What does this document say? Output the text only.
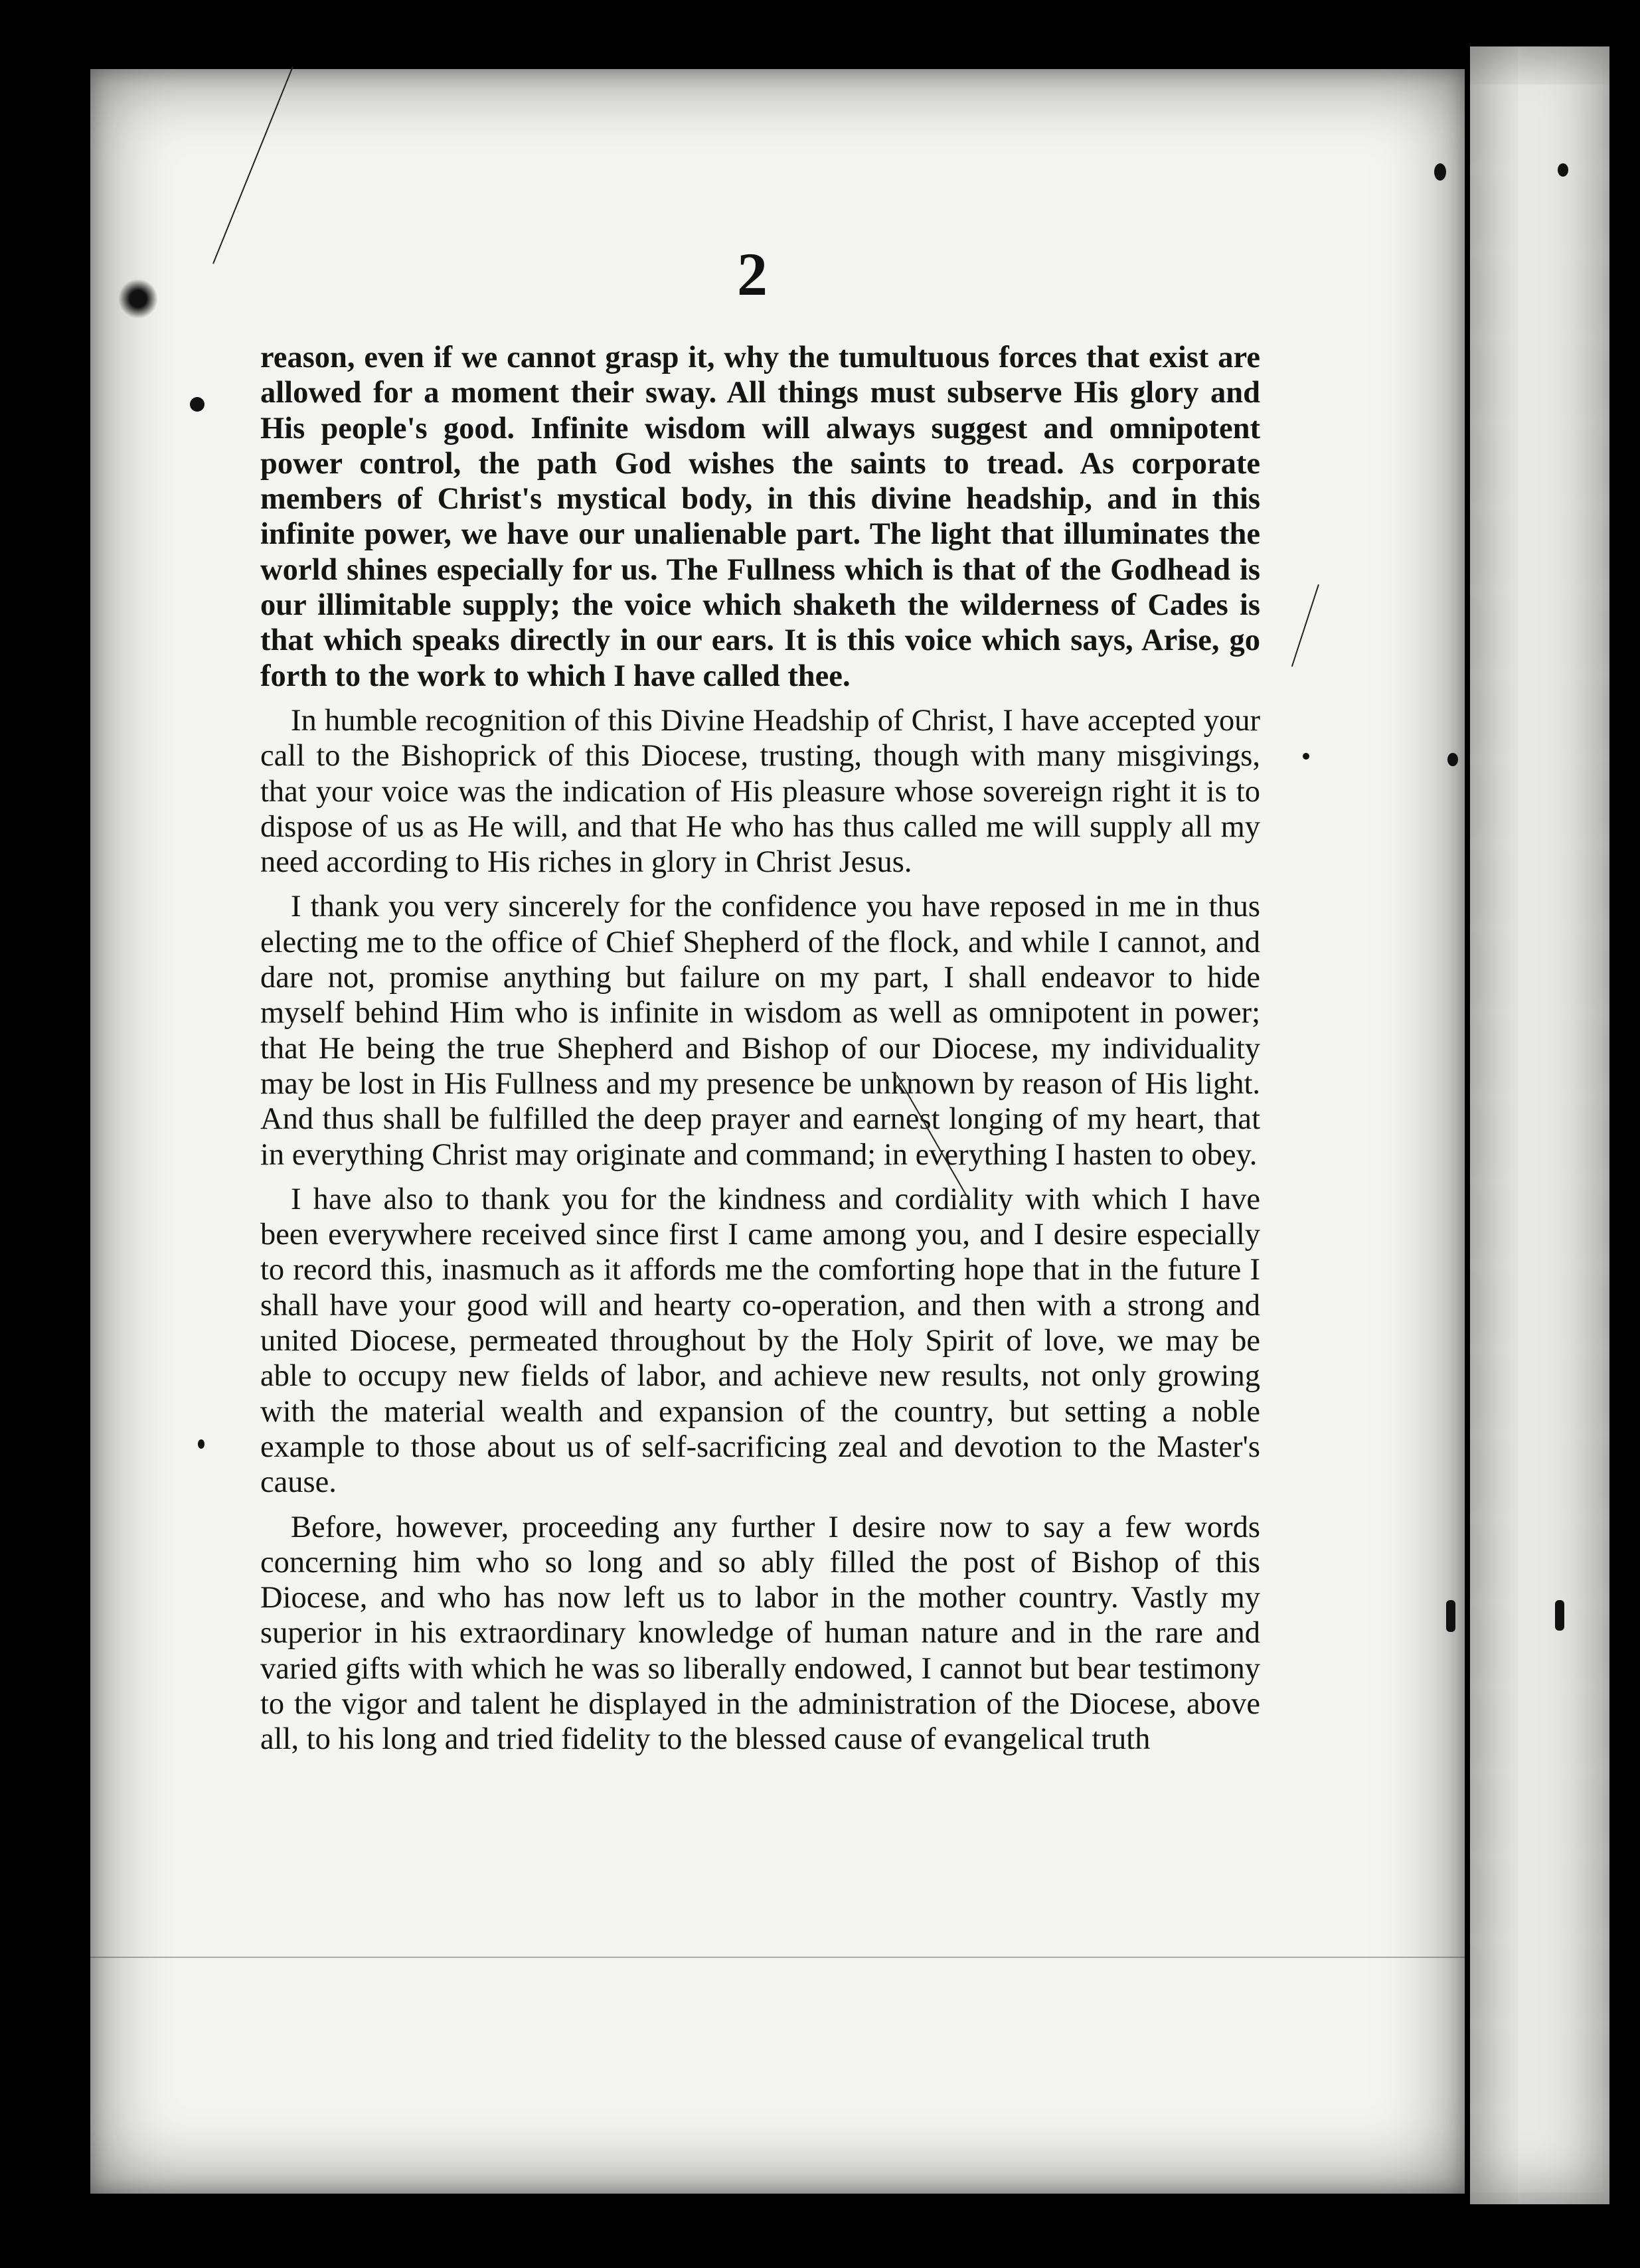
2

reason, even if we cannot grasp it, why the tumultuous forces that exist are allowed for a moment their sway. All things must subserve His glory and His people's good. Infinite wisdom will always suggest and omnipotent power control, the path God wishes the saints to tread. As corporate members of Christ's mystical body, in this divine headship, and in this infinite power, we have our unalienable part. The light that illuminates the world shines especially for us. The Fullness which is that of the Godhead is our illimitable supply; the voice which shaketh the wilderness of Cades is that which speaks directly in our ears. It is this voice which says, Arise, go forth to the work to which I have called thee.

In humble recognition of this Divine Headship of Christ, I have accepted your call to the Bishoprick of this Diocese, trusting, though with many misgivings, that your voice was the indication of His pleasure whose sovereign right it is to dispose of us as He will, and that He who has thus called me will supply all my need according to His riches in glory in Christ Jesus.

I thank you very sincerely for the confidence you have reposed in me in thus electing me to the office of Chief Shepherd of the flock, and while I cannot, and dare not, promise anything but failure on my part, I shall endeavor to hide myself behind Him who is infinite in wisdom as well as omnipotent in power; that He being the true Shepherd and Bishop of our Diocese, my individuality may be lost in His Fullness and my presence be unknown by reason of His light. And thus shall be fulfilled the deep prayer and earnest longing of my heart, that in everything Christ may originate and command; in everything I hasten to obey.

I have also to thank you for the kindness and cordiality with which I have been everywhere received since first I came among you, and I desire especially to record this, inasmuch as it affords me the comforting hope that in the future I shall have your good will and hearty co-operation, and then with a strong and united Diocese, permeated throughout by the Holy Spirit of love, we may be able to occupy new fields of labor, and achieve new results, not only growing with the material wealth and expansion of the country, but setting a noble example to those about us of self-sacrificing zeal and devotion to the Master's cause.

Before, however, proceeding any further I desire now to say a few words concerning him who so long and so ably filled the post of Bishop of this Diocese, and who has now left us to labor in the mother country. Vastly my superior in his extraordinary knowledge of human nature and in the rare and varied gifts with which he was so liberally endowed, I cannot but bear testimony to the vigor and talent he displayed in the administration of the Diocese, above all, to his long and tried fidelity to the blessed cause of evangelical truth
